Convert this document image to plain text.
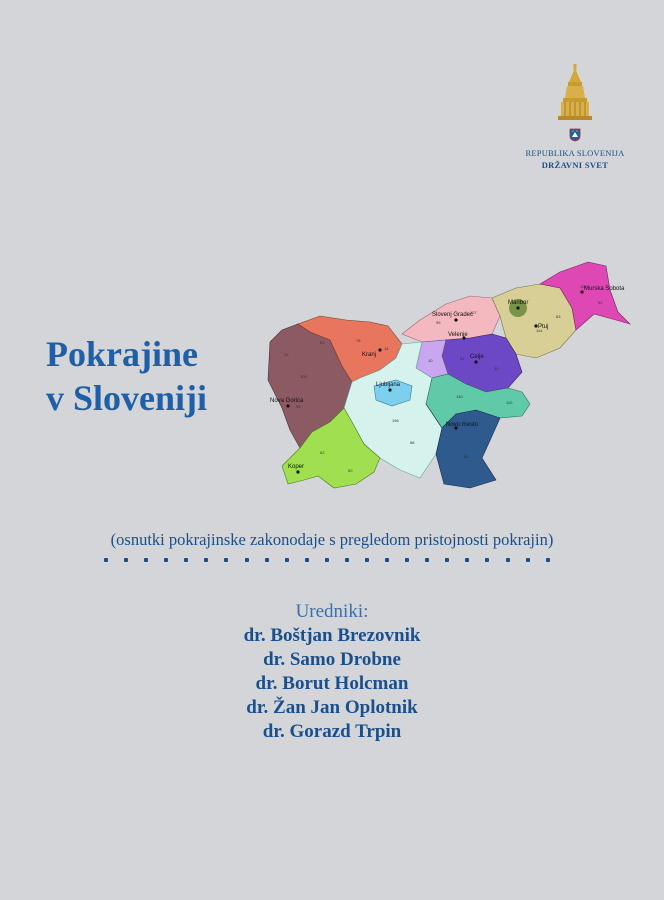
REPUBLIKA SLOVENIJA
DRŽAVNI SVET
Pokrajine
v Sloveniji
22
105
95
61	78
14
99
127
114
63
100
92
51
35
10
196
88
140
110
85
62
50
Murska Sobota
Maribor
Slovenj Gradec
Ptuj
Velenje
Kranj	Celje
Ljubljana
Nova Gorica
Novo mesto
Koper
(osnutki pokrajinske zakonodaje s pregledom pristojnosti pokrajin)
Uredniki:
dr. Boštjan Brezovnik
dr. Samo Drobne
dr. Borut Holcman
dr. Žan Jan Oplotnik
dr. Gorazd Trpin
